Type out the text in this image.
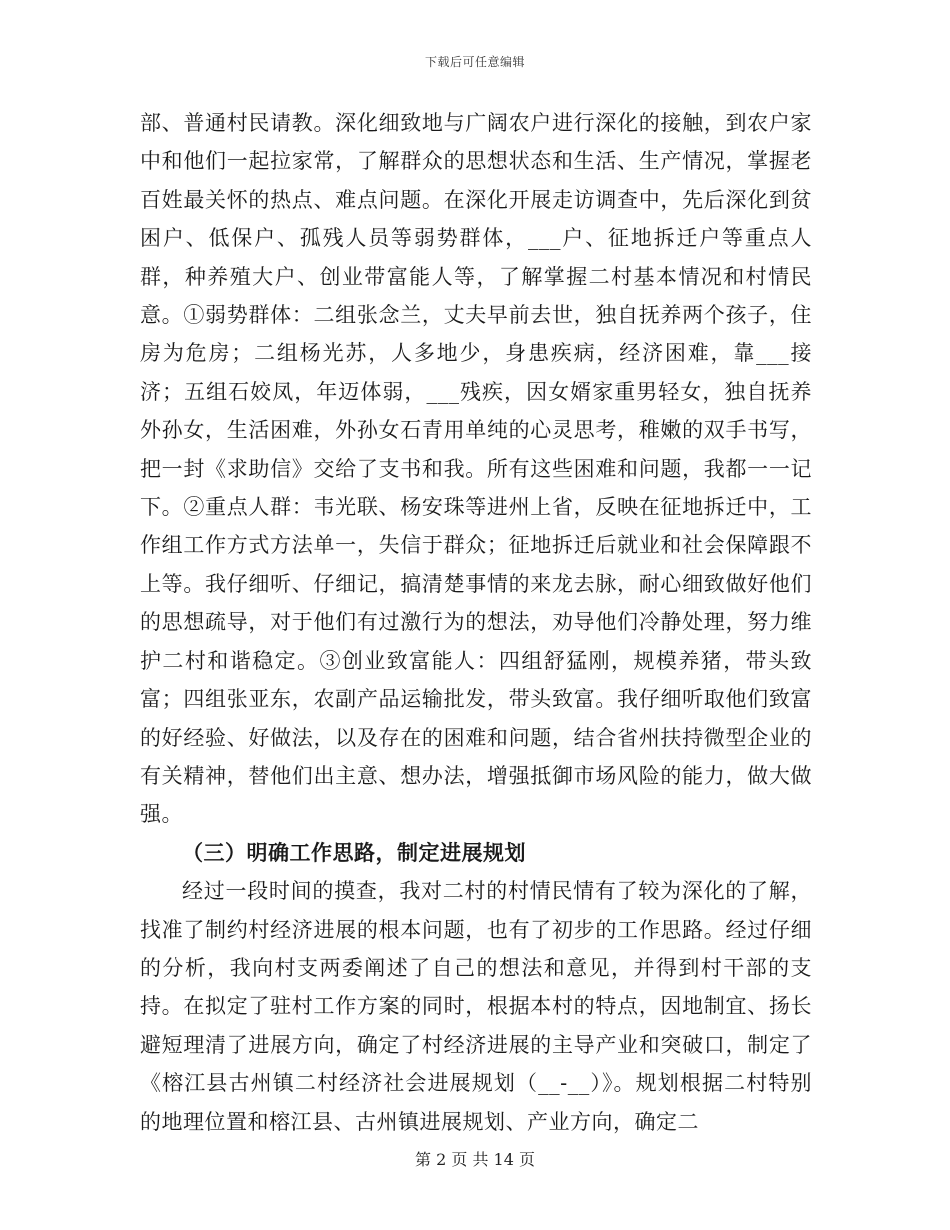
下载后可任意编辑

部、普通村民请教。深化细致地与广阔农户进行深化的接触，到农户家中和他们一起拉家常，了解群众的思想状态和生活、生产情况，掌握老百姓最关怀的热点、难点问题。在深化开展走访调查中，先后深化到贫困户、低保户、孤残人员等弱势群体，___户、征地拆迁户等重点人群，种养殖大户、创业带富能人等，了解掌握二村基本情况和村情民意。①弱势群体：二组张念兰，丈夫早前去世，独自抚养两个孩子，住房为危房；二组杨光苏，人多地少，身患疾病，经济困难，靠___接济；五组石姣凤，年迈体弱，___残疾，因女婿家重男轻女，独自抚养外孙女，生活困难，外孙女石青用单纯的心灵思考，稚嫩的双手书写，把一封《求助信》交给了支书和我。所有这些困难和问题，我都一一记下。②重点人群：韦光联、杨安珠等进州上省，反映在征地拆迁中，工作组工作方式方法单一，失信于群众；征地拆迁后就业和社会保障跟不上等。我仔细听、仔细记，搞清楚事情的来龙去脉，耐心细致做好他们的思想疏导，对于他们有过激行为的想法，劝导他们冷静处理，努力维护二村和谐稳定。③创业致富能人：四组舒猛刚，规模养猪，带头致富；四组张亚东，农副产品运输批发，带头致富。我仔细听取他们致富的好经验、好做法，以及存在的困难和问题，结合省州扶持微型企业的有关精神，替他们出主意、想办法，增强抵御市场风险的能力，做大做强。

（三）明确工作思路，制定进展规划

经过一段时间的摸查，我对二村的村情民情有了较为深化的了解，找准了制约村经济进展的根本问题，也有了初步的工作思路。经过仔细的分析，我向村支两委阐述了自己的想法和意见，并得到村干部的支持。在拟定了驻村工作方案的同时，根据本村的特点，因地制宜、扬长避短理清了进展方向，确定了村经济进展的主导产业和突破口，制定了《榕江县古州镇二村经济社会进展规划（__-__）》。规划根据二村特别的地理位置和榕江县、古州镇进展规划、产业方向，确定二

第 2 页 共 14 页
